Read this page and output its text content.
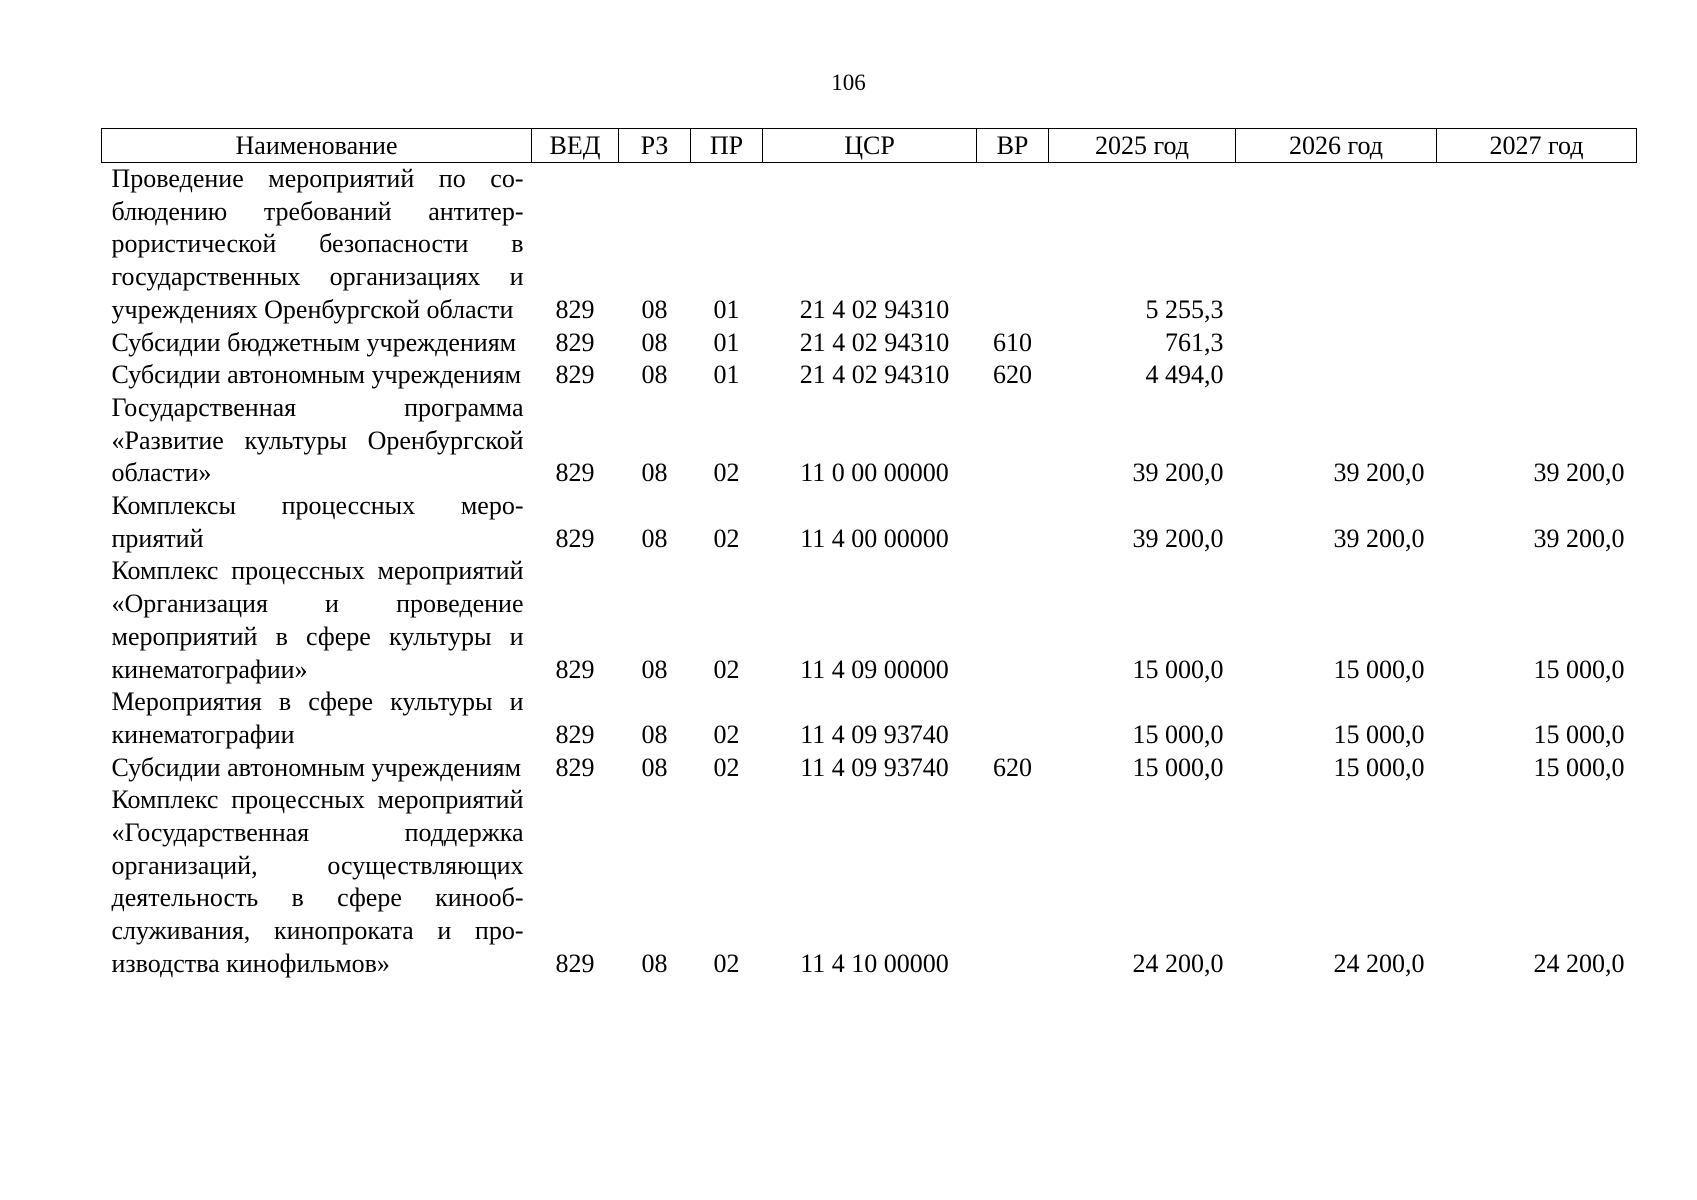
106
Наименование	ВЕД	РЗ	ПР	ЦСР	ВР	2025 год	2026 год	2027 год
Проведение мероприятий по соблюдению требований антитеррористической безопасности в государственных организациях и учреждениях Оренбургской области	829	08	01	21 4 02 94310		5 255,3		
Субсидии бюджетным учреждениям	829	08	01	21 4 02 94310	610	761,3		
Субсидии автономным учреждениям	829	08	01	21 4 02 94310	620	4 494,0		
Государственная программа «Развитие культуры Оренбургской области»	829	08	02	11 0 00 00000		39 200,0	39 200,0	39 200,0
Комплексы процессных мероприятий	829	08	02	11 4 00 00000		39 200,0	39 200,0	39 200,0
Комплекс процессных мероприятий «Организация и проведение мероприятий в сфере культуры и кинематографии»	829	08	02	11 4 09 00000		15 000,0	15 000,0	15 000,0
Мероприятия в сфере культуры и кинематографии	829	08	02	11 4 09 93740		15 000,0	15 000,0	15 000,0
Субсидии автономным учреждениям	829	08	02	11 4 09 93740	620	15 000,0	15 000,0	15 000,0
Комплекс процессных мероприятий «Государственная поддержка организаций, осуществляющих деятельность в сфере кинообслуживания, кинопроката и производства кинофильмов»	829	08	02	11 4 10 00000		24 200,0	24 200,0	24 200,0
